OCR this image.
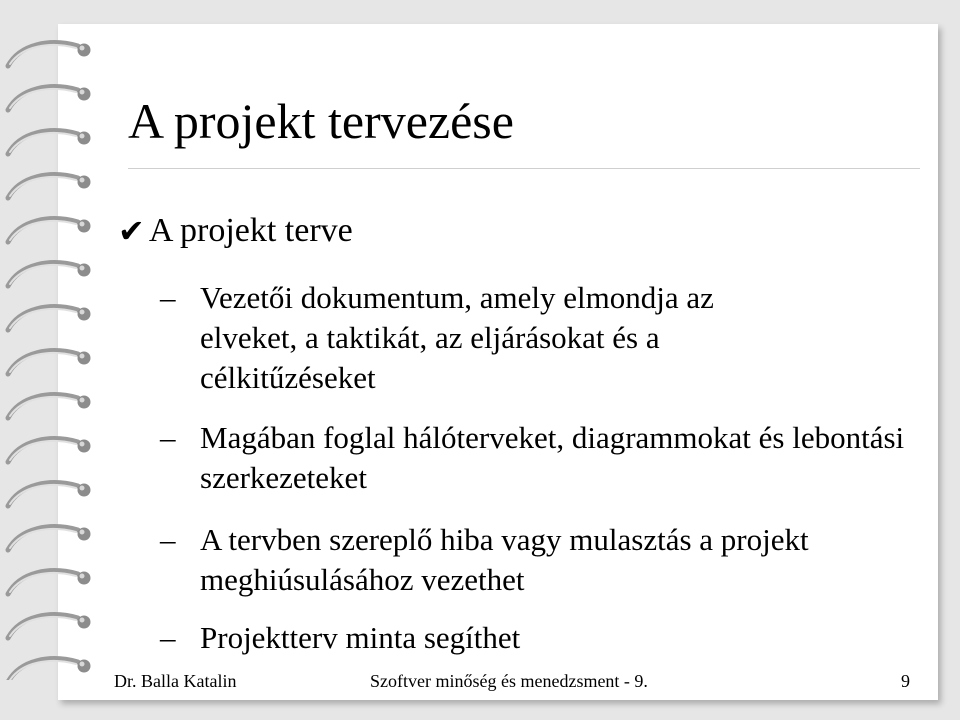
A projekt tervezése
✔ A projekt terve
– Vezetői dokumentum, amely elmondja az elveket, a taktikát, az eljárásokat és a célkitűzéseket
– Magában foglal hálóterveket, diagrammokat és lebontási szerkezeteket
– A tervben szereplő hiba vagy mulasztás a projekt meghiúsulásához vezethet
– Projektterv minta segíthet
Dr. Balla Katalin	Szoftver minőség és menedzsment - 9.	9
